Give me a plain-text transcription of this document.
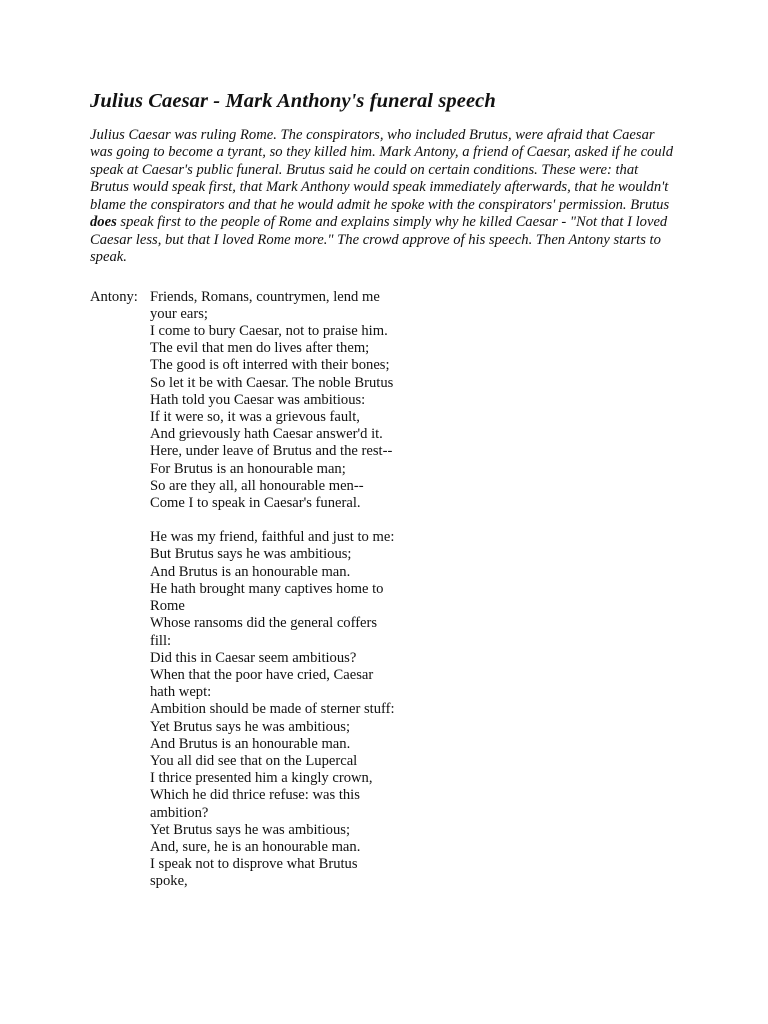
Julius Caesar - Mark Anthony's funeral speech

Julius Caesar was ruling Rome. The conspirators, who included Brutus, were afraid that Caesar was going to become a tyrant, so they killed him. Mark Antony, a friend of Caesar, asked if he could speak at Caesar's public funeral. Brutus said he could on certain conditions. These were: that Brutus would speak first, that Mark Anthony would speak immediately afterwards, that he wouldn't blame the conspirators and that he would admit he spoke with the conspirators' permission. Brutus does speak first to the people of Rome and explains simply why he killed Caesar - "Not that I loved Caesar less, but that I loved Rome more." The crowd approve of his speech. Then Antony starts to speak.

Antony: Friends, Romans, countrymen, lend me
your ears;
I come to bury Caesar, not to praise him.
The evil that men do lives after them;
The good is oft interred with their bones;
So let it be with Caesar. The noble Brutus
Hath told you Caesar was ambitious:
If it were so, it was a grievous fault,
And grievously hath Caesar answer'd it.
Here, under leave of Brutus and the rest--
For Brutus is an honourable man;
So are they all, all honourable men--
Come I to speak in Caesar's funeral.
He was my friend, faithful and just to me:
But Brutus says he was ambitious;
And Brutus is an honourable man.
He hath brought many captives home to
Rome
Whose ransoms did the general coffers
fill:
Did this in Caesar seem ambitious?
When that the poor have cried, Caesar
hath wept:
Ambition should be made of sterner stuff:
Yet Brutus says he was ambitious;
And Brutus is an honourable man.
You all did see that on the Lupercal
I thrice presented him a kingly crown,
Which he did thrice refuse: was this
ambition?
Yet Brutus says he was ambitious;
And, sure, he is an honourable man.
I speak not to disprove what Brutus
spoke,
